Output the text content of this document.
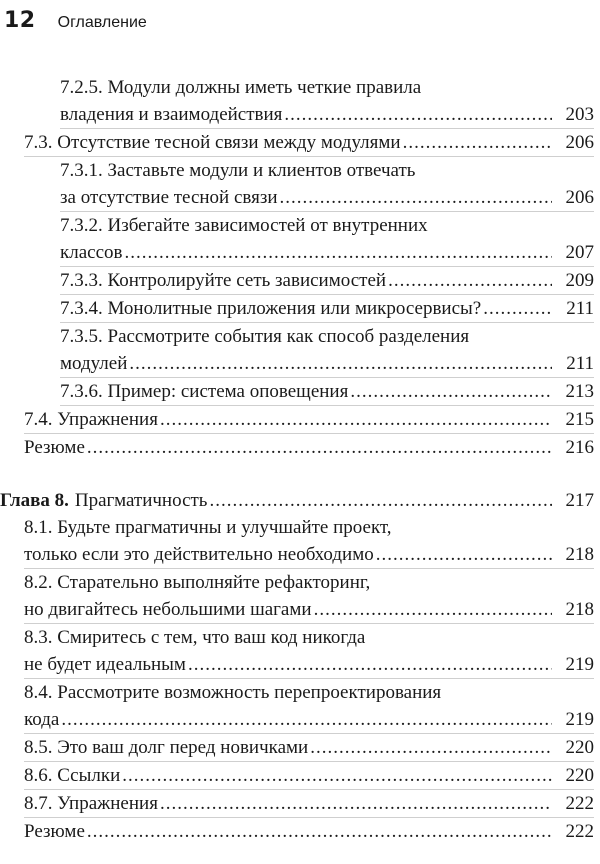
12 Оглавление
7.2.5. Модули должны иметь четкие правила
владения и взаимодействия .....	203
7.3. Отсутствие тесной связи между модулями .....	206
7.3.1. Заставьте модули и клиентов отвечать
за отсутствие тесной связи .....	206
7.3.2. Избегайте зависимостей от внутренних
классов .....	207
7.3.3. Контролируйте сеть зависимостей .....	209
7.3.4. Монолитные приложения или микросервисы? .....	211
7.3.5. Рассмотрите события как способ разделения
модулей .....	211
7.3.6. Пример: система оповещения .....	213
7.4. Упражнения .....	215
Резюме .....	216
Глава 8. Прагматичность .....	217
8.1. Будьте прагматичны и улучшайте проект,
только если это действительно необходимо .....	218
8.2. Старательно выполняйте рефакторинг,
но двигайтесь небольшими шагами .....	218
8.3. Смиритесь с тем, что ваш код никогда
не будет идеальным .....	219
8.4. Рассмотрите возможность перепроектирования
кода .....	219
8.5. Это ваш долг перед новичками .....	220
8.6. Ссылки .....	220
8.7. Упражнения .....	222
Резюме .....	222
